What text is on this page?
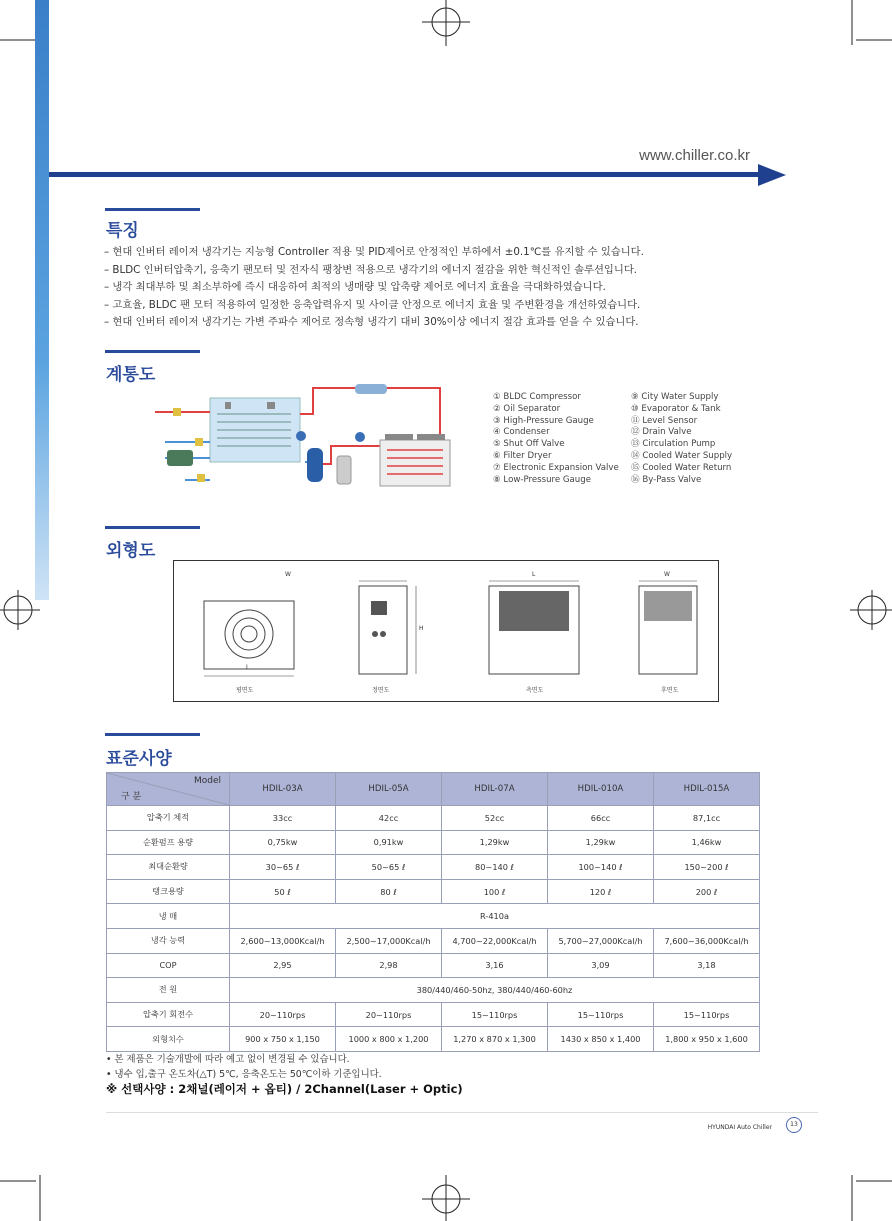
www.chiller.co.kr
특징
– 현대 인버터 레이저 냉각기는 지능형 Controller 적용 및 PID제어로 안정적인 부하에서 ±0.1℃를 유지할 수 있습니다.
– BLDC 인버터압축기, 응축기 팬모터 및 전자식 팽창변 적용으로 냉각기의 에너지 절감을 위한 혁신적인 솔루션입니다.
– 냉각 최대부하 및 최소부하에 즉시 대응하여 최적의 냉매량 및 압축량 제어로 에너지 효율을 극대화하였습니다.
– 고효율, BLDC 팬 모터 적용하여 일정한 응축압력유지 및 사이클 안정으로 에너지 효율 및 주변환경을 개선하였습니다.
– 현대 인버터 레이저 냉각기는 가변 주파수 제어로 정속형 냉각기 대비 30%이상 에너지 절감 효과를 얻을 수 있습니다.
계통도
① BLDC Compressor
② Oil Separator
③ High-Pressure Gauge
④ Condenser
⑤ Shut Off Valve
⑥ Filter Dryer
⑦ Electronic Expansion Valve
⑧ Low-Pressure Gauge
⑨ City Water Supply
⑩ Evaporator & Tank
⑪ Level Sensor
⑫ Drain Valve
⑬ Circulation Pump
⑭ Cooled Water Supply
⑮ Cooled Water Return
⑯ By-Pass Valve
외형도
W
L
H
L	W
평면도	정면도	측면도	후면도
표준사양
Model
구 분	HDIL-03A	HDIL-05A	HDIL-07A	HDIL-010A	HDIL-015A
압축기 체적	33cc	42cc	52cc	66cc	87,1cc
순환펌프 용량	0,75kw	0,91kw	1,29kw	1,29kw	1,46kw
최대순환량	30~65 ℓ	50~65 ℓ	80~140 ℓ	100~140 ℓ	150~200 ℓ
탱크용량	50 ℓ	80 ℓ	100 ℓ	120 ℓ	200 ℓ
냉 매	R-410a				
냉각 능력	2,600~13,000Kcal/h	2,500~17,000Kcal/h	4,700~22,000Kcal/h	5,700~27,000Kcal/h	7,600~36,000Kcal/h
COP	2,95	2,98	3,16	3,09	3,18
전 원	380/440/460-50hz, 380/440/460-60hz				
압축기 회전수	20~110rps	20~110rps	15~110rps	15~110rps	15~110rps
외형치수	900 x 750 x 1,150	1000 x 800 x 1,200	1,270 x 870 x 1,300	1430 x 850 x 1,400	1,800 x 950 x 1,600
• 본 제품은 기술개발에 따라 예고 없이 변경될 수 있습니다.
• 냉수 입,출구 온도차(△T) 5℃, 응축온도는 50℃이하 기준입니다.
※ 선택사양 : 2채널(레이저 + 옵티) / 2Channel(Laser + Optic)
HYUNDAI Auto Chiller	13
